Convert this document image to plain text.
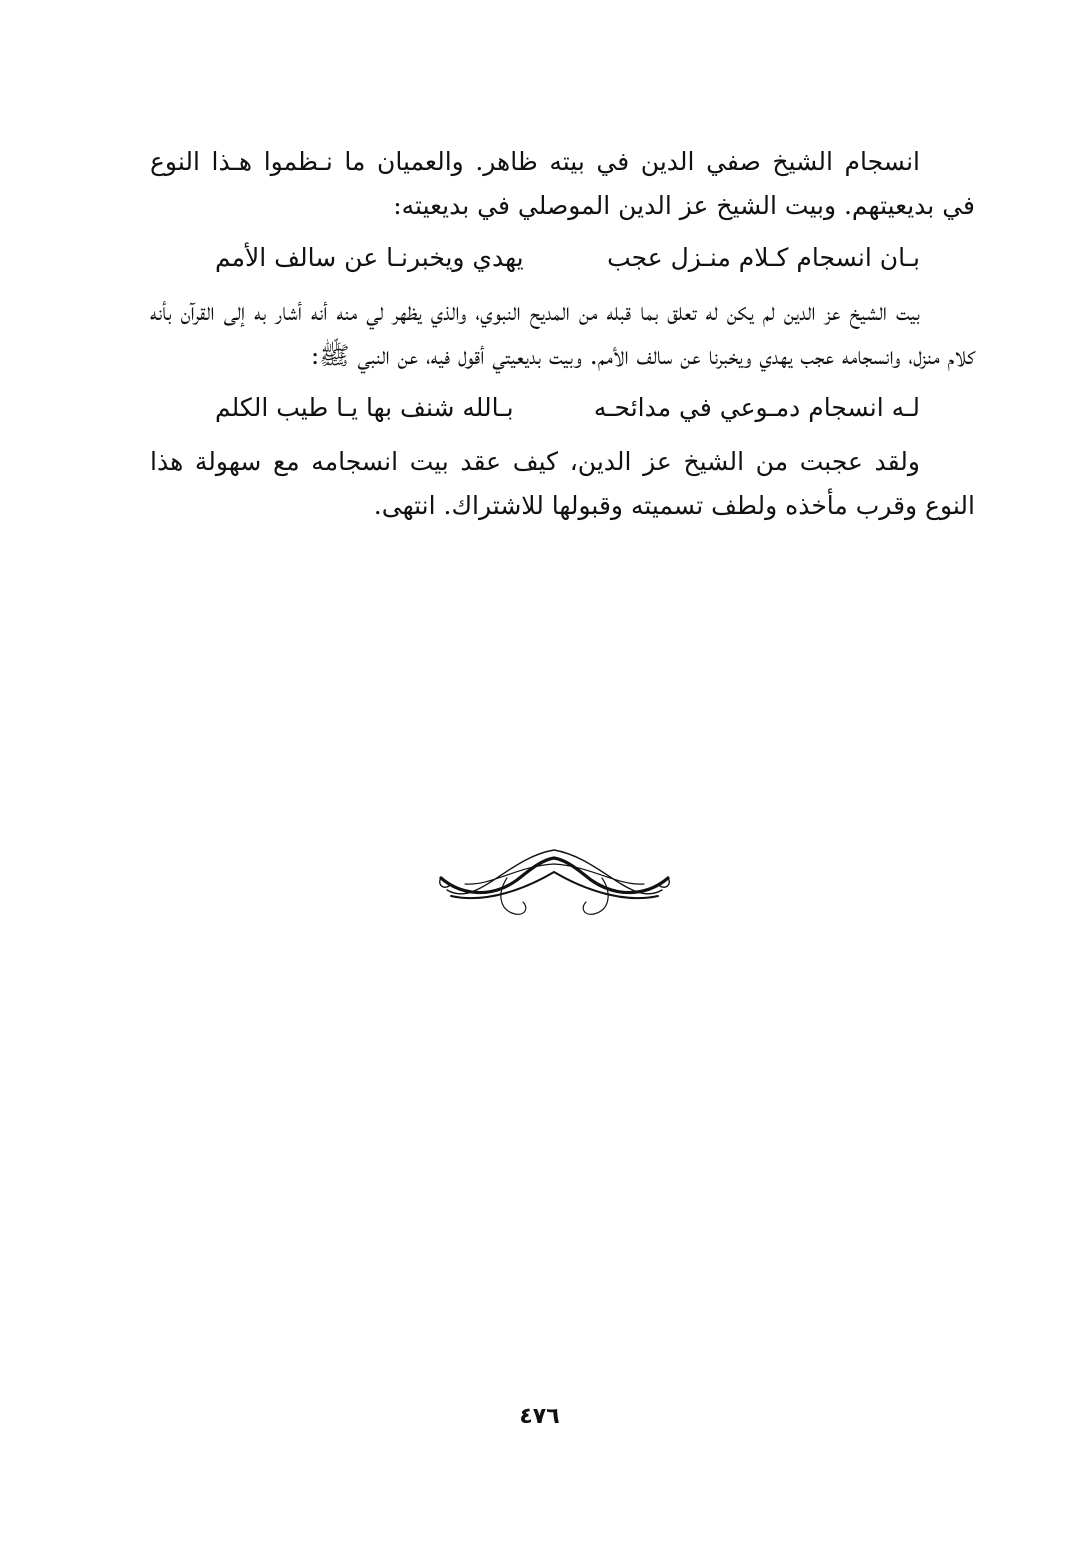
انسجام الشيخ صفي الدين في بيته ظاهر. والعميان ما نـظموا هـذا النوع في بديعيتهم. وبيت الشيخ عز الدين الموصلي في بديعيته:

بـان انسجام كـلام منـزل عجب
يهدي ويخبرنـا عن سالف الأمم

بيت الشيخ عز الدين لم يكن له تعلق بما قبله من المديح النبوي، والذي يظهر لي منه أنه أشار به إلى القرآن بأنه كلام منزل، وانسجامه عجب يهدي ويخبرنا عن سالف الأمم. وبيت بديعيتي أقول فيه، عن النبي ﷺ:

لـه انسجام دمـوعي في مدائحـه
بـالله شنف بها يـا طيب الكلم

ولقد عجبت من الشيخ عز الدين، كيف عقد بيت انسجامه مع سهولة هذا النوع وقرب مأخذه ولطف تسميته وقبولها للاشتراك. انتهى.

٤٧٦
